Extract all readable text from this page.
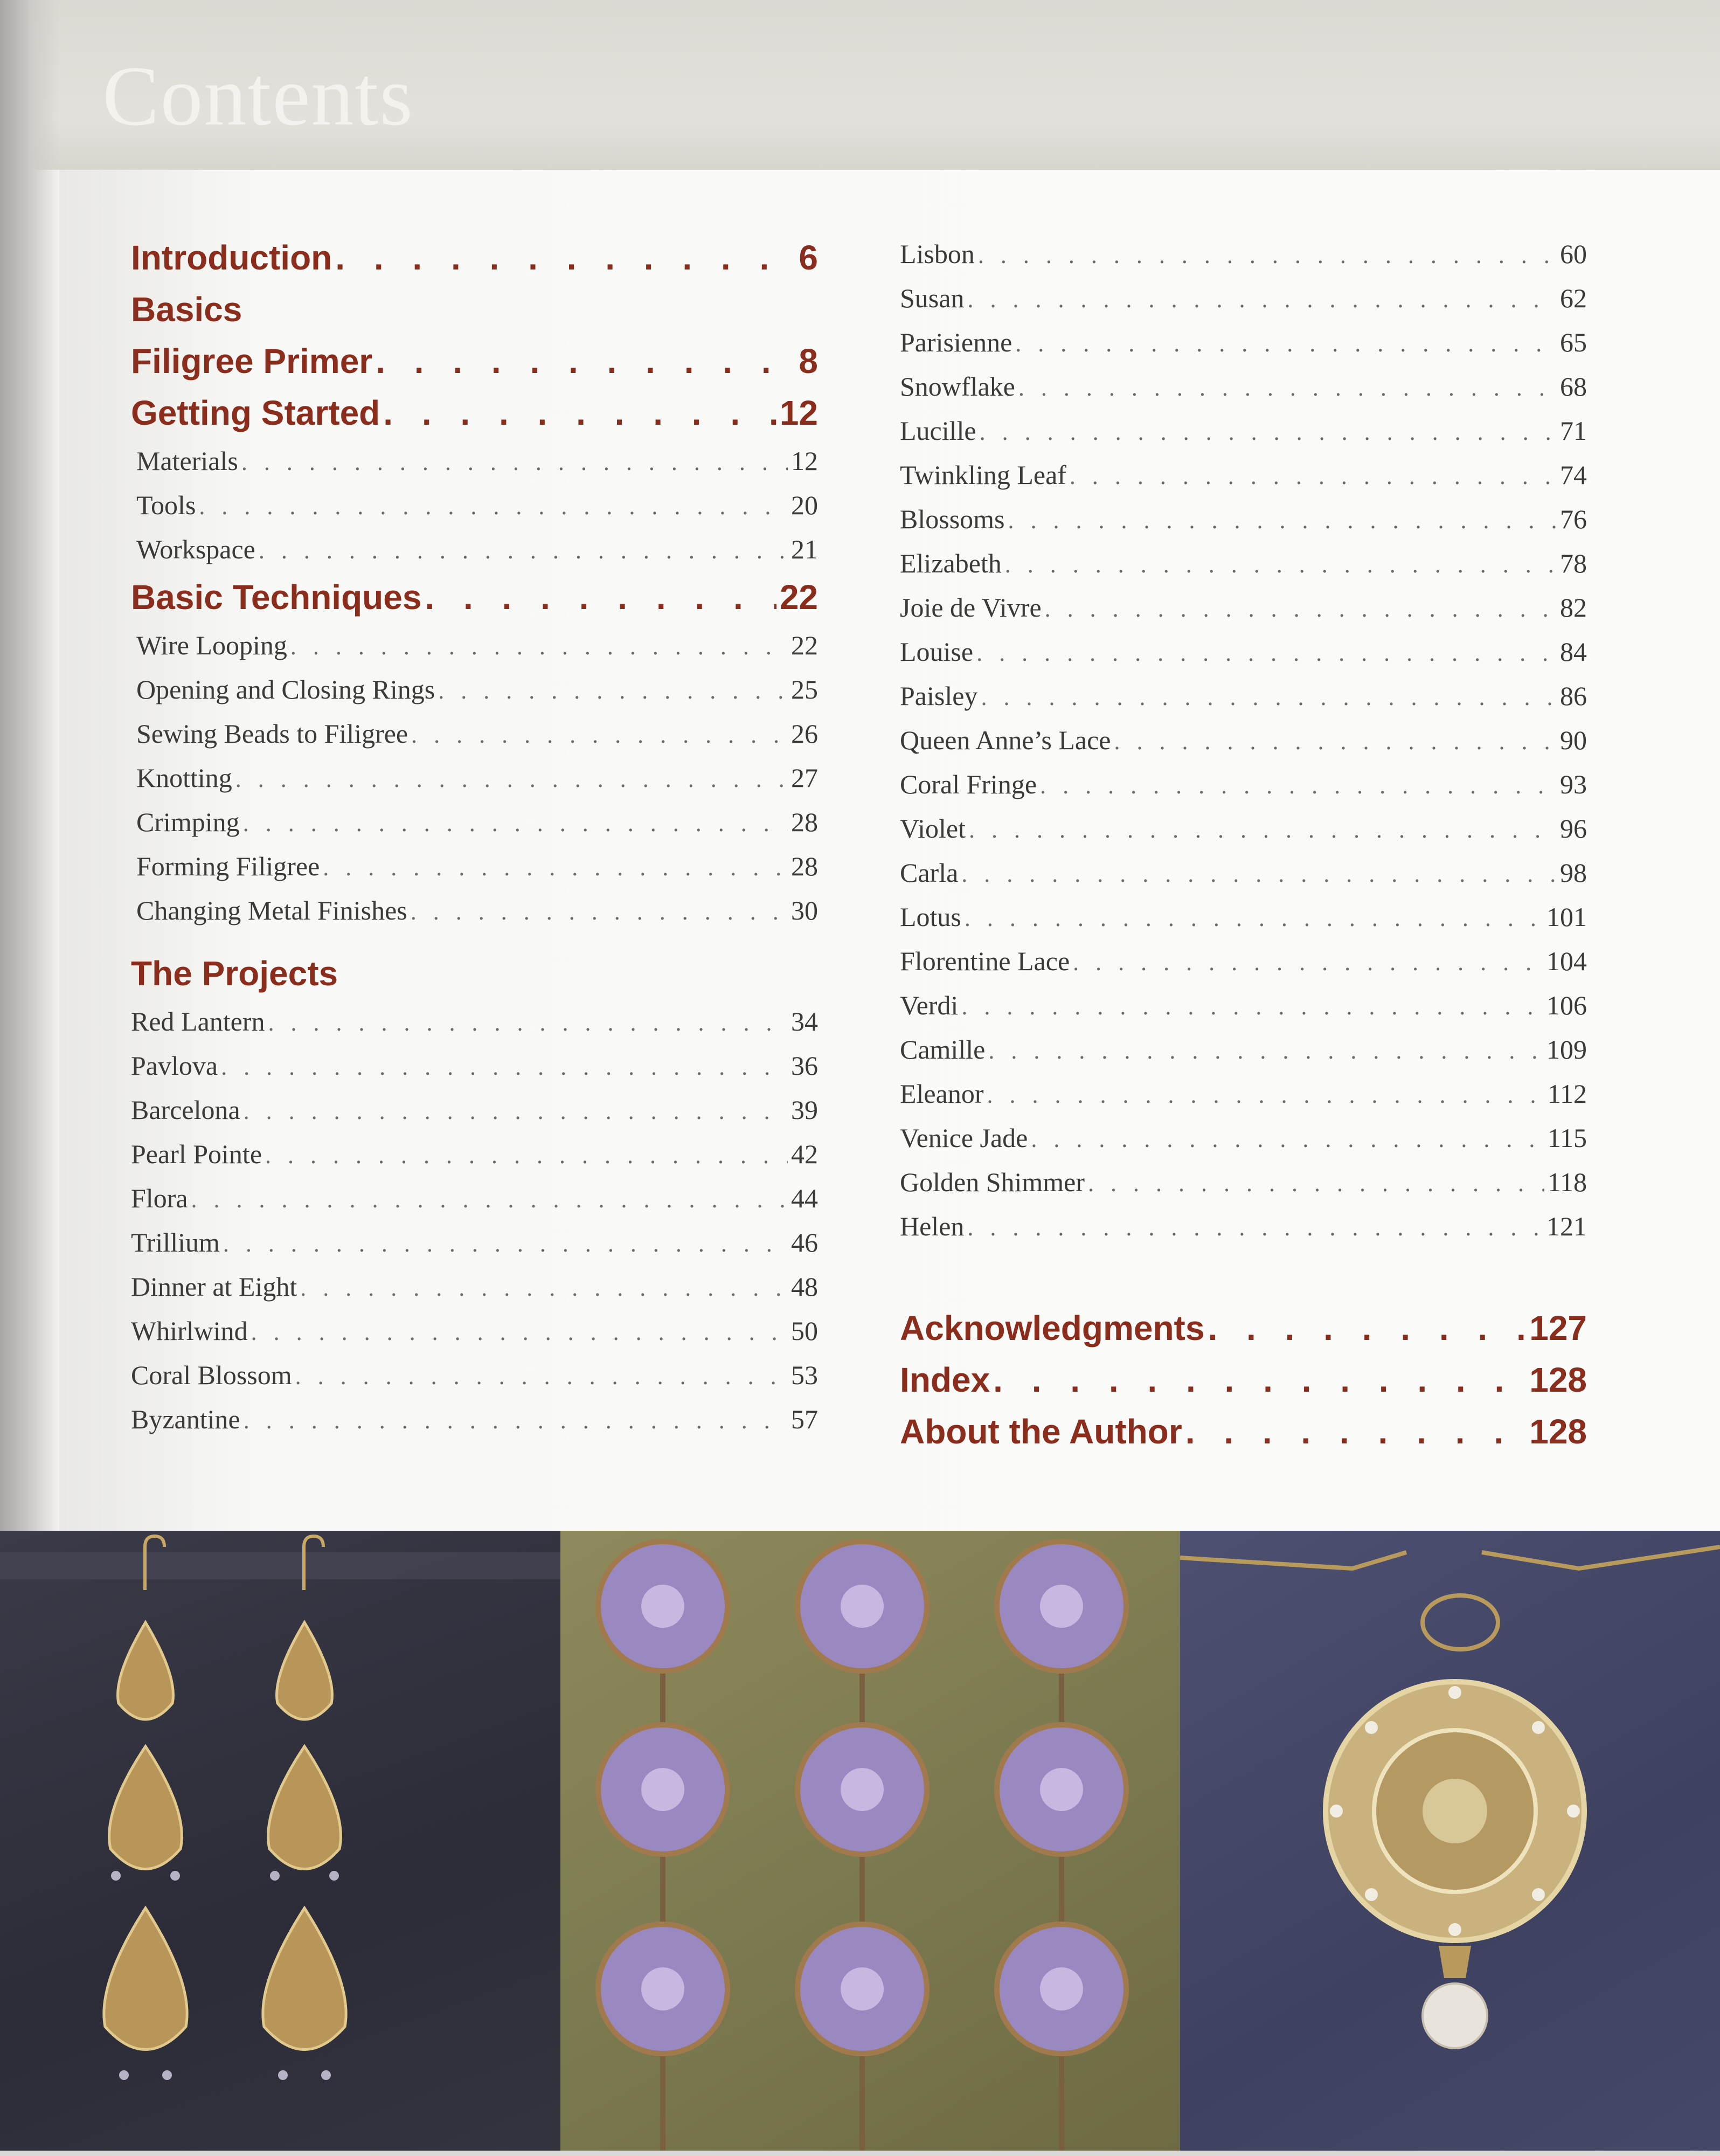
Contents
Introduction . . .	6
Basics
Filigree Primer . . .	8
Getting Started . . .	12
Materials . . .	12
Tools . . .	20
Workspace . . .	21
Basic Techniques . . .	22
Wire Looping . . .	22
Opening and Closing Rings . . .	25
Sewing Beads to Filigree . . .	26
Knotting . . .	27
Crimping . . .	28
Forming Filigree . . .	28
Changing Metal Finishes . . .	30
The Projects
Red Lantern . . .	34
Pavlova . . .	36
Barcelona . . .	39
Pearl Pointe . . .	42
Flora . . .	44
Trillium . . .	46
Dinner at Eight . . .	48
Whirlwind . . .	50
Coral Blossom . . .	53
Byzantine . . .	57
Lisbon . . .	60
Susan . . .	62
Parisienne . . .	65
Snowflake . . .	68
Lucille . . .	71
Twinkling Leaf . . .	74
Blossoms . . .	76
Elizabeth . . .	78
Joie de Vivre . . .	82
Louise . . .	84
Paisley . . .	86
Queen Anne’s Lace . . .	90
Coral Fringe . . .	93
Violet . . .	96
Carla . . .	98
Lotus . . .	101
Florentine Lace . . .	104
Verdi . . .	106
Camille . . .	109
Eleanor . . .	112
Venice Jade . . .	115
Golden Shimmer . . .	118
Helen . . .	121
Acknowledgments . . .	127
Index . . .	128
About the Author . . .	128
